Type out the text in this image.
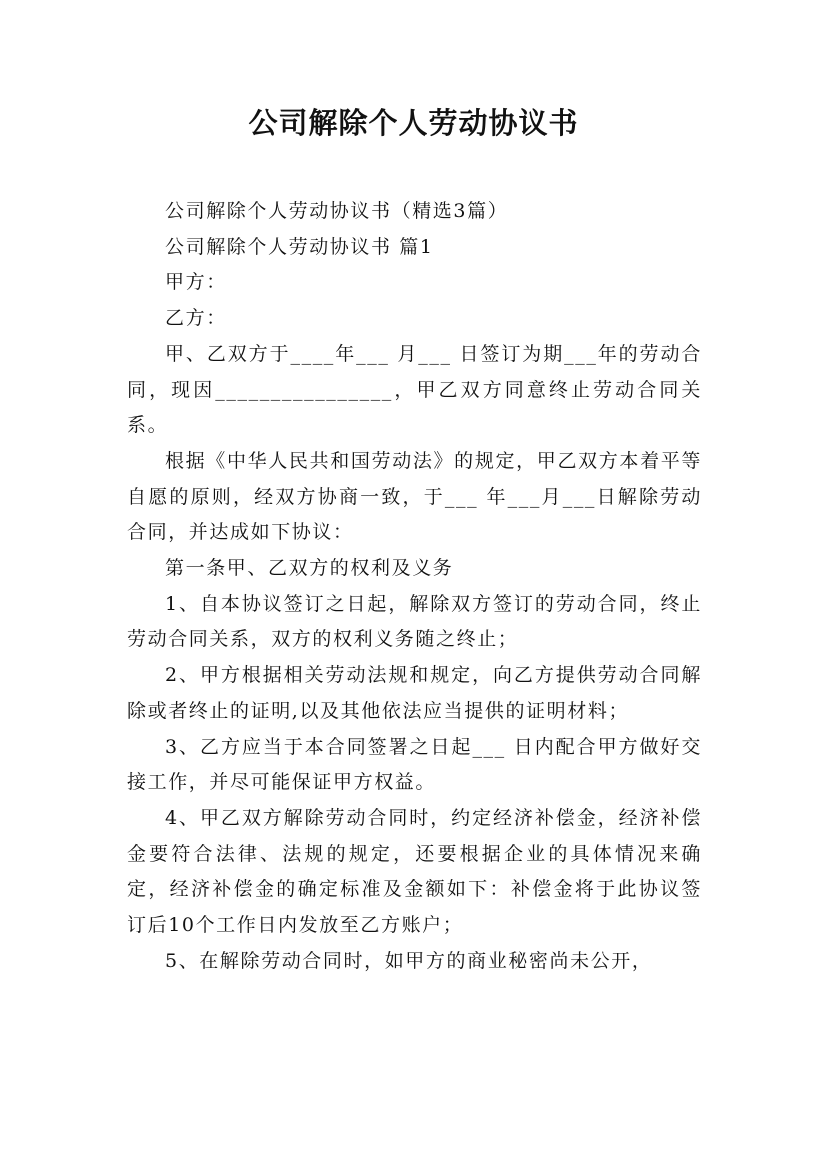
公司解除个人劳动协议书

公司解除个人劳动协议书（精选3篇）

公司解除个人劳动协议书 篇1

甲方：

乙方：

甲、乙双方于____年___ 月___ 日签订为期___年的劳动合同，现因________________，甲乙双方同意终止劳动合同关系。

根据《中华人民共和国劳动法》的规定，甲乙双方本着平等自愿的原则，经双方协商一致，于___ 年___月___日解除劳动合同，并达成如下协议：

第一条甲、乙双方的权利及义务

1、自本协议签订之日起，解除双方签订的劳动合同，终止劳动合同关系，双方的权利义务随之终止；

2、甲方根据相关劳动法规和规定，向乙方提供劳动合同解除或者终止的证明,以及其他依法应当提供的证明材料；

3、乙方应当于本合同签署之日起___ 日内配合甲方做好交接工作，并尽可能保证甲方权益。

4、甲乙双方解除劳动合同时，约定经济补偿金，经济补偿金要符合法律、法规的规定，还要根据企业的具体情况来确定，经济补偿金的确定标准及金额如下：补偿金将于此协议签订后10个工作日内发放至乙方账户；

5、在解除劳动合同时，如甲方的商业秘密尚未公开，
